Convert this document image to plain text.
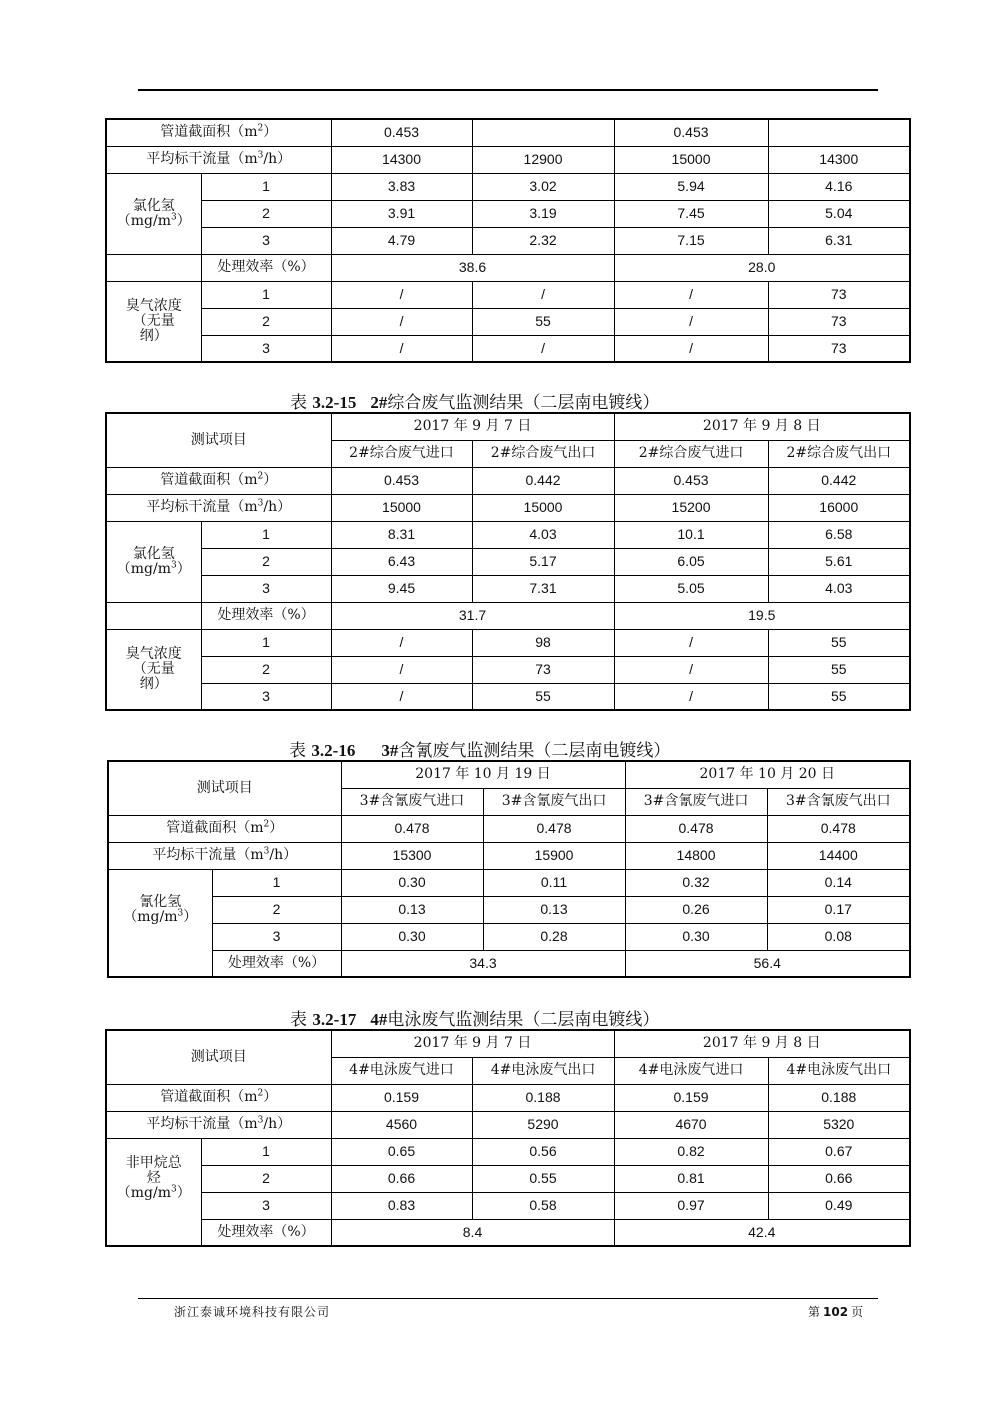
管道截面积$(m^2)$		0.453		0.453	
平均标干流量$(m^3/h)$		14300	12900	15000	14300
氯化氢
$(mg/m^3)$	1	3.83	3.02	5.94	4.16
	2	3.91	3.19	7.45	5.04
	3	4.79	2.32	7.15	6.31
	处理效率（%）	38.6		28.0	
臭气浓度
（无量
纲）	1	/	/	/	73
	2	/	55	/	73
	3	/	/	/	73
表 3.2-15 2#综合废气监测结果（二层南电镀线）
测试项目		2017 年 9 月 7 日		2017 年 9 月 8 日	
		2#综合废气进口	2#综合废气出口	2#综合废气进口	2#综合废气出口
管道截面积$(m^2)$		0.453	0.442	0.453	0.442
平均标干流量$(m^3/h)$		15000	15000	15200	16000
氯化氢
$(mg/m^3)$	1	8.31	4.03	10.1	6.58
	2	6.43	5.17	6.05	5.61
	3	9.45	7.31	5.05	4.03
	处理效率（%）	31.7		19.5	
臭气浓度
（无量
纲）	1	/	98	/	55
	2	/	73	/	55
	3	/	55	/	55
表 3.2-16 3#含氰废气监测结果（二层南电镀线）
测试项目		2017 年 10 月 19 日		2017 年 10 月 20 日	
		3#含氰废气进口	3#含氰废气出口	3#含氰废气进口	3#含氰废气出口
管道截面积$(m^2)$		0.478	0.478	0.478	0.478
平均标干流量$(m^3/h)$		15300	15900	14800	14400
氰化氢
$(mg/m^3)$	1	0.30	0.11	0.32	0.14
	2	0.13	0.13	0.26	0.17
	3	0.30	0.28	0.30	0.08
	处理效率（%）	34.3		56.4	
表 3.2-17 4#电泳废气监测结果（二层南电镀线）
测试项目		2017 年 9 月 7 日		2017 年 9 月 8 日	
		4#电泳废气进口	4#电泳废气出口	4#电泳废气进口	4#电泳废气出口
管道截面积$(m^2)$		0.159	0.188	0.159	0.188
平均标干流量$(m^3/h)$		4560	5290	4670	5320
非甲烷总
烃
$(mg/m^3)$	1	0.65	0.56	0.82	0.67
	2	0.66	0.55	0.81	0.66
	3	0.83	0.58	0.97	0.49
	处理效率（%）	8.4		42.4	
浙江泰诚环境科技有限公司	第 102 页
